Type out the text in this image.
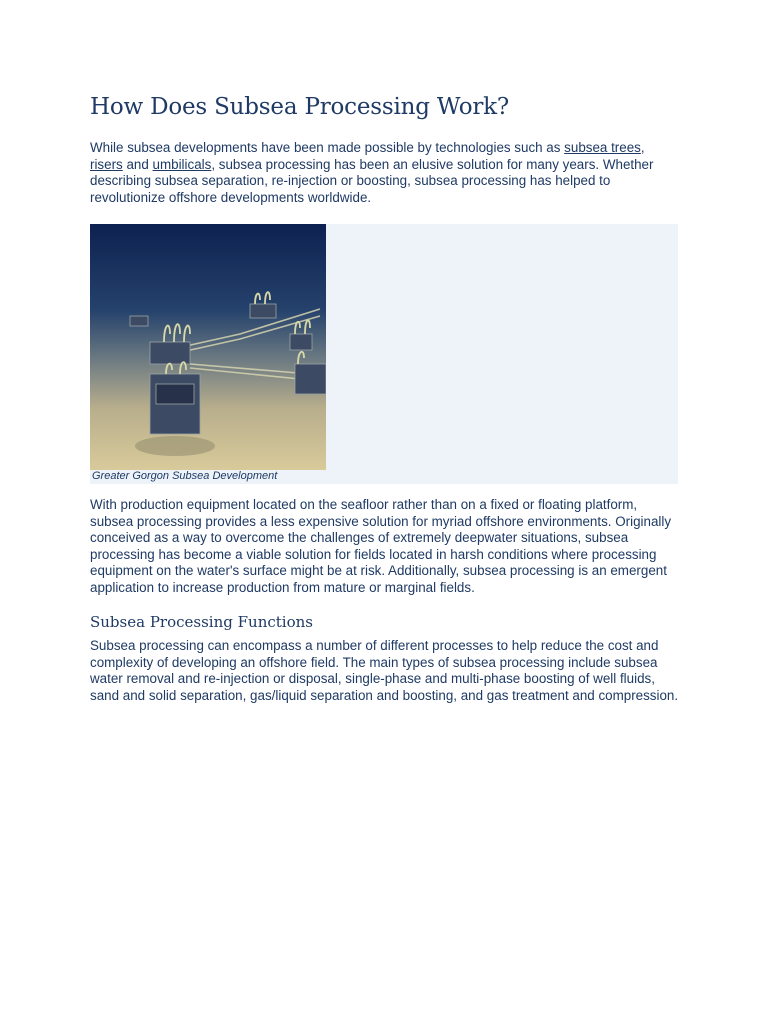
How Does Subsea Processing Work?

While subsea developments have been made possible by technologies such as subsea trees, risers and umbilicals, subsea processing has been an elusive solution for many years. Whether describing subsea separation, re-injection or boosting, subsea processing has helped to revolutionize offshore developments worldwide.

Greater Gorgon Subsea Development

With production equipment located on the seafloor rather than on a fixed or floating platform, subsea processing provides a less expensive solution for myriad offshore environments. Originally conceived as a way to overcome the challenges of extremely deepwater situations, subsea processing has become a viable solution for fields located in harsh conditions where processing equipment on the water's surface might be at risk. Additionally, subsea processing is an emergent application to increase production from mature or marginal fields.

Subsea Processing Functions

Subsea processing can encompass a number of different processes to help reduce the cost and complexity of developing an offshore field. The main types of subsea processing include subsea water removal and re-injection or disposal, single-phase and multi-phase boosting of well fluids, sand and solid separation, gas/liquid separation and boosting, and gas treatment and compression.
